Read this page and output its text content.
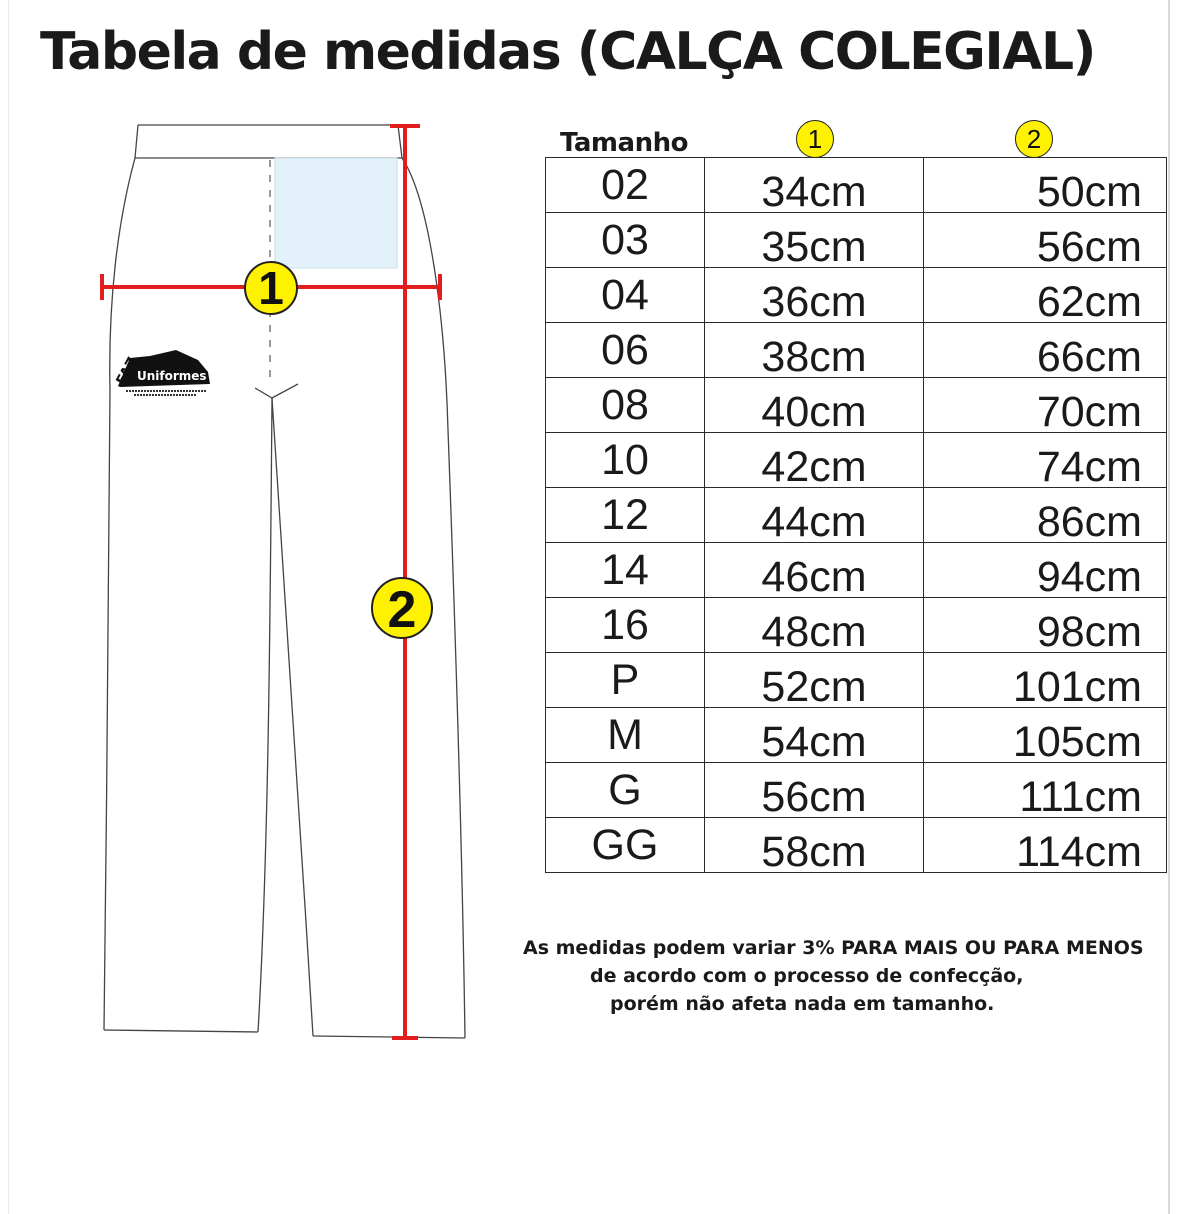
Tabela de medidas (CALÇA COLEGIAL)
1
2
FAZ
Uniformes
Tamanho	1	2
02	34cm	50cm
03	35cm	56cm
04	36cm	62cm
06	38cm	66cm
08	40cm	70cm
10	42cm	74cm
12	44cm	86cm
14	46cm	94cm
16	48cm	98cm
P	52cm	101cm
M	54cm	105cm
G	56cm	111cm
GG	58cm	114cm
As medidas podem variar 3% PARA MAIS OU PARA MENOS
de acordo com o processo de confecção,
porém não afeta nada em tamanho.
